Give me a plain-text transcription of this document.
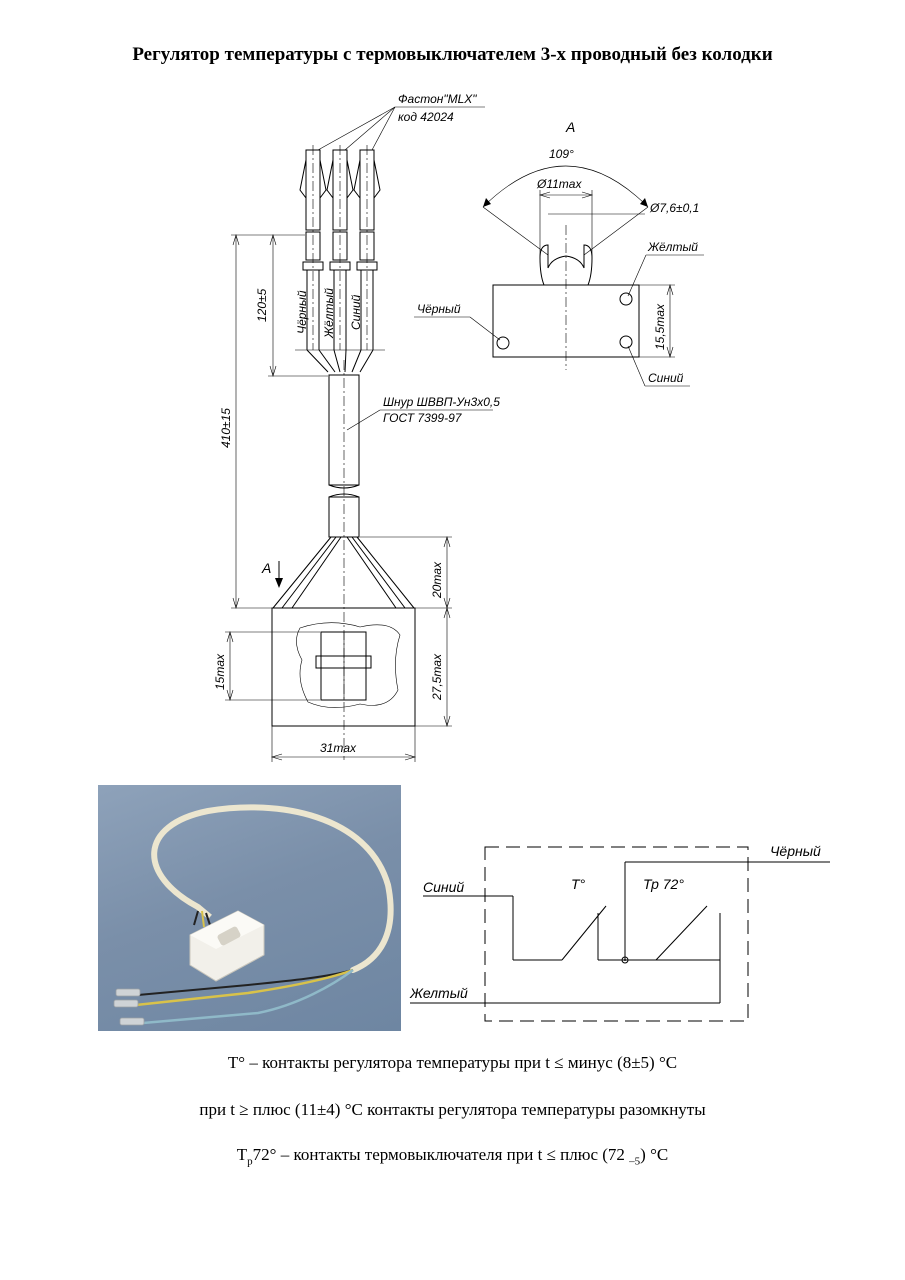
Регулятор температуры с термовыключателем 3-х проводный без колодки
Фастон"MLX"
код 42024
Чёрный Жёлтый Синий
Шнур ШВВП-Ун3х0,5
ГОСТ 7399-97
A
120±5
410±15
20max
15max	27,5max
31max
A
109°
Ø11max
Ø7,6±0,1
Жёлтый
Чёрный
Синий
15,5max
Чёрный
Синий	T°	Тр 72°
Желтый
Т° – контакты регулятора температуры при t ≤ минус (8±5) °С
при t ≥ плюс (11±4) °С контакты регулятора температуры разомкнуты
$Т_р72^\circ$ – контакты термовыключателя при t ≤ плюс (72 $_{-5}$) °С
